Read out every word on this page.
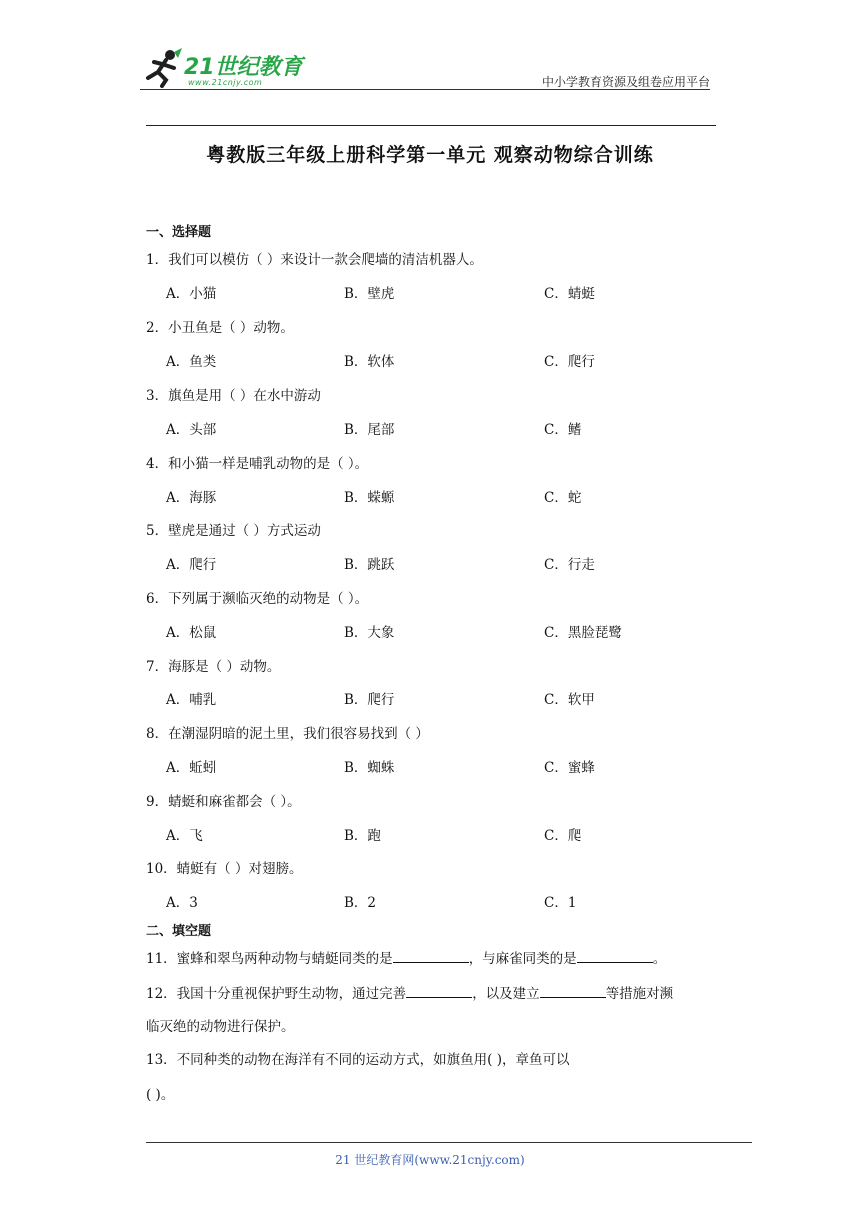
21世纪教育
www.21cnjy.com	中小学教育资源及组卷应用平台
粤教版三年级上册科学第一单元 观察动物综合训练
一、选择题
1．我们可以模仿（ ）来设计一款会爬墙的清洁机器人。
A．小猫	B．壁虎	C．蜻蜓
2．小丑鱼是（ ）动物。
A．鱼类	B．软体	C．爬行
3．旗鱼是用（ ）在水中游动
A．头部	B．尾部	C．鳍
4．和小猫一样是哺乳动物的是（ ）。
A．海豚	B．蝾螈	C．蛇
5．壁虎是通过（ ）方式运动
A．爬行	B．跳跃	C．行走
6．下列属于濒临灭绝的动物是（ ）。
A．松鼠	B．大象	C．黑脸琵鹭
7．海豚是（ ）动物。
A．哺乳	B．爬行	C．软甲
8．在潮湿阴暗的泥土里，我们很容易找到（ ）
A．蚯蚓	B．蜘蛛	C．蜜蜂
9．蜻蜓和麻雀都会（ ）。
A．飞	B．跑	C．爬
10．蜻蜓有（ ）对翅膀。
A．3	B．2	C．1
二、填空题
11．蜜蜂和翠鸟两种动物与蜻蜓同类的是	，与麻雀同类的是	。
12．我国十分重视保护野生动物，通过完善	，以及建立	等措施对濒
临灭绝的动物进行保护。
13．不同种类的动物在海洋有不同的运动方式，如旗鱼用( )，章鱼可以
( )。
21 世纪教育网(www.21cnjy.com)
